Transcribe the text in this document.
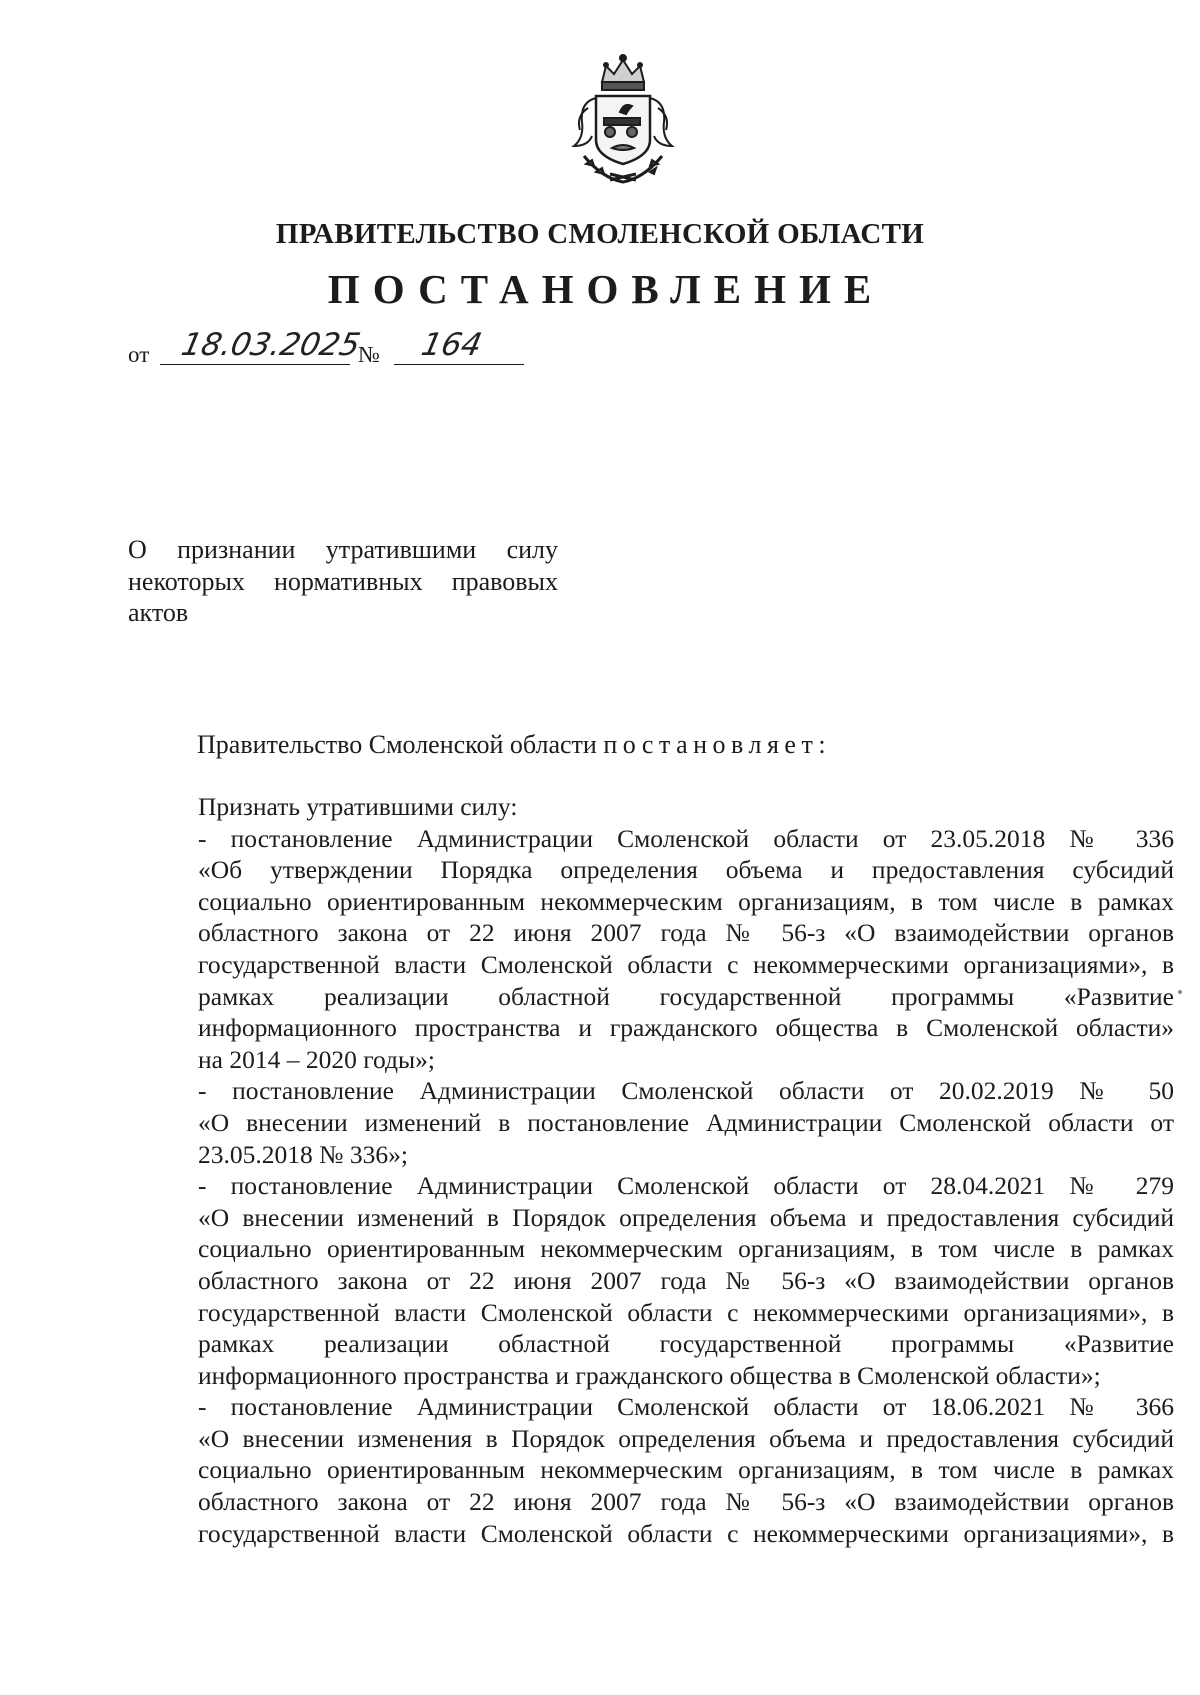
ПРАВИТЕЛЬСТВО СМОЛЕНСКОЙ ОБЛАСТИ
ПОСТАНОВЛЕНИЕ
от 18.03.2025
№ 164
О признании утратившими силу
некоторых нормативных правовых
актов
Правительство Смоленской области постановляет:

Признать утратившими силу:

- постановление Администрации Смоленской области от 23.05.2018 № 336
«Об утверждении Порядка определения объема и предоставления субсидий
социально ориентированным некоммерческим организациям, в том числе в рамках
областного закона от 22 июня 2007 года № 56-з «О взаимодействии органов
государственной власти Смоленской области с некоммерческими организациями», в
рамках реализации областной государственной программы «Развитие
информационного пространства и гражданского общества в Смоленской области»
на 2014 – 2020 годы»;

- постановление Администрации Смоленской области от 20.02.2019 № 50
«О внесении изменений в постановление Администрации Смоленской области от
23.05.2018 № 336»;

- постановление Администрации Смоленской области от 28.04.2021 № 279
«О внесении изменений в Порядок определения объема и предоставления субсидий
социально ориентированным некоммерческим организациям, в том числе в рамках
областного закона от 22 июня 2007 года № 56-з «О взаимодействии органов
государственной власти Смоленской области с некоммерческими организациями», в
рамках реализации областной государственной программы «Развитие
информационного пространства и гражданского общества в Смоленской области»;

- постановление Администрации Смоленской области от 18.06.2021 № 366
«О внесении изменения в Порядок определения объема и предоставления субсидий
социально ориентированным некоммерческим организациям, в том числе в рамках
областного закона от 22 июня 2007 года № 56-з «О взаимодействии органов
государственной власти Смоленской области с некоммерческими организациями», в
